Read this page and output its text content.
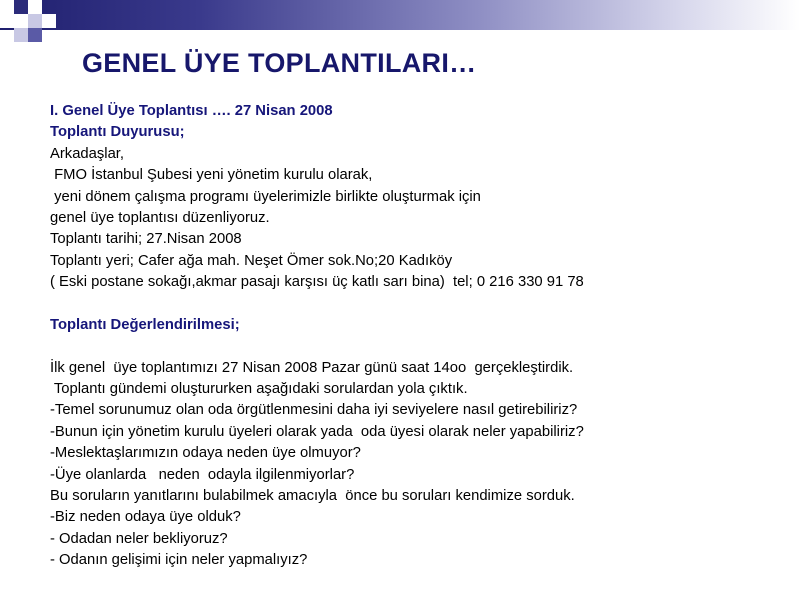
GENEL ÜYE TOPLANTILARI…
I. Genel Üye Toplantısı …. 27 Nisan 2008
Toplantı Duyurusu;
Arkadaşlar,
FMO İstanbul Şubesi yeni yönetim kurulu olarak,
yeni dönem çalışma programı üyelerimizle birlikte oluşturmak için
genel üye toplantısı düzenliyoruz.
Toplantı tarihi; 27.Nisan 2008
Toplantı yeri; Cafer ağa mah. Neşet Ömer sok.No;20 Kadıköy
( Eski postane sokağı,akmar pasajı karşısı üç katlı sarı bina)  tel; 0 216 330 91 78
Toplantı Değerlendirilmesi;
İlk genel  üye toplantımızı 27 Nisan 2008 Pazar günü saat 14oo  gerçekleştirdik.
Toplantı gündemi oluştururken aşağıdaki sorulardan yola çıktık.
-Temel sorunumuz olan oda örgütlenmesini daha iyi seviyelere nasıl getirebiliriz?
-Bunun için yönetim kurulu üyeleri olarak yada  oda üyesi olarak neler yapabiliriz?
-Meslektaşlarımızın odaya neden üye olmuyor?
-Üye olanlarda   neden  odayla ilgilenmiyorlar?
Bu soruların yanıtlarını bulabilmek amacıyla  önce bu soruları kendimize sorduk.
-Biz neden odaya üye olduk?
- Odadan neler bekliyoruz?
- Odanın gelişimi için neler yapmalıyız?
